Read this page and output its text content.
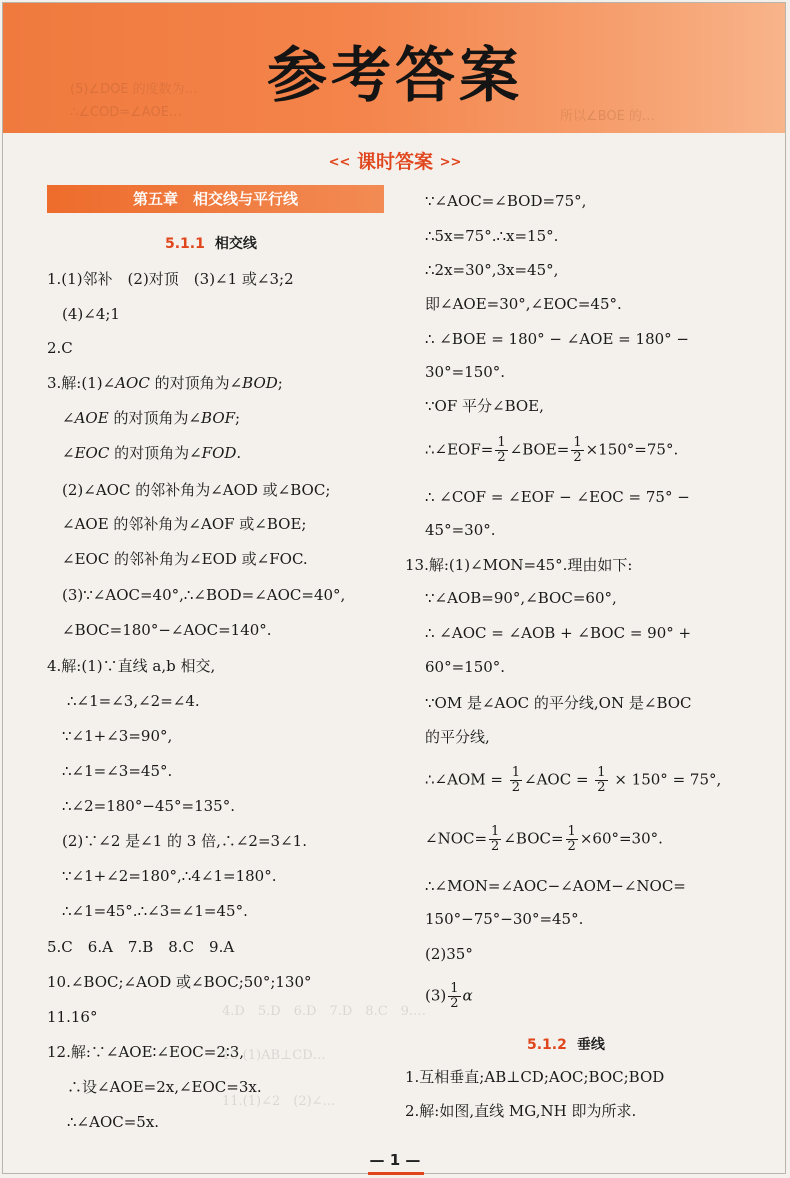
(5)∠DOE 的度数为…
∴∠COD=∠AOE…	所以∠BOE 的…
参考答案
<< 课时答案 >>
第五章　相交线与平行线
5.1.1 相交线
1.(1)邻补　(2)对顶　(3)∠1 或∠3;2
(4)∠4;1
2.C
3.解:(1)∠AOC 的对顶角为∠BOD;
∠AOE 的对顶角为∠BOF;
∠EOC 的对顶角为∠FOD.
(2)∠AOC 的邻补角为∠AOD 或∠BOC;
∠AOE 的邻补角为∠AOF 或∠BOE;
∠EOC 的邻补角为∠EOD 或∠FOC.
(3)∵∠AOC=40°,∴∠BOD=∠AOC=40°,
∠BOC=180°−∠AOC=140°.
4.解:(1)∵直线 a,b 相交,
∴∠1=∠3,∠2=∠4.
∵∠1+∠3=90°,
∴∠1=∠3=45°.
∴∠2=180°−45°=135°.
(2)∵∠2 是∠1 的 3 倍,∴∠2=3∠1.
∵∠1+∠2=180°,∴4∠1=180°.
∴∠1=45°.∴∠3=∠1=45°.
5.C　6.A　7.B　8.C　9.A
10.∠BOC;∠AOD 或∠BOC;50°;130°
11.16°
12.解:∵∠AOE∶∠EOC=2∶3,
∴设∠AOE=2x,∠EOC=3x.
∴∠AOC=5x.
4.D　5.D　6.D　7.D　8.C　9.…
10.(1)AB⊥CD…
11.(1)∠2　(2)∠…
∵∠AOC=∠BOD=75°,
∴5x=75°.∴x=15°.
∴2x=30°,3x=45°,
即∠AOE=30°,∠EOC=45°.
∴ ∠BOE = 180° − ∠AOE = 180° −
30°=150°.
∵OF 平分∠BOE,
∴∠EOF= $\frac{1}{2}$ ∠BOE= $\frac{1}{2} \times 150^\circ=75^\circ$.
∴ ∠COF = ∠EOF − ∠EOC = 75° −
45°=30°.
13.解:(1)∠MON=45°.理由如下:
∵∠AOB=90°,∠BOC=60°,
∴ ∠AOC = ∠AOB + ∠BOC = 90° +
60°=150°.
∵OM 是∠AOC 的平分线,ON 是∠BOC
的平分线,
∴∠AOM = $\frac{1}{2}$ ∠AOC = $\frac{1}{2} \times 150^\circ = 75^\circ$,
∠NOC= $\frac{1}{2}$ ∠BOC= $\frac{1}{2} \times 60^\circ=30^\circ$.
∴∠MON=∠AOC−∠AOM−∠NOC=
150°−75°−30°=45°.
(2)35°
$(3) \frac{1}{2}$ α
5.1.2 垂线
1.互相垂直;AB⊥CD;AOC;BOC;BOD
2.解:如图,直线 MG,NH 即为所求.
— 1 —
